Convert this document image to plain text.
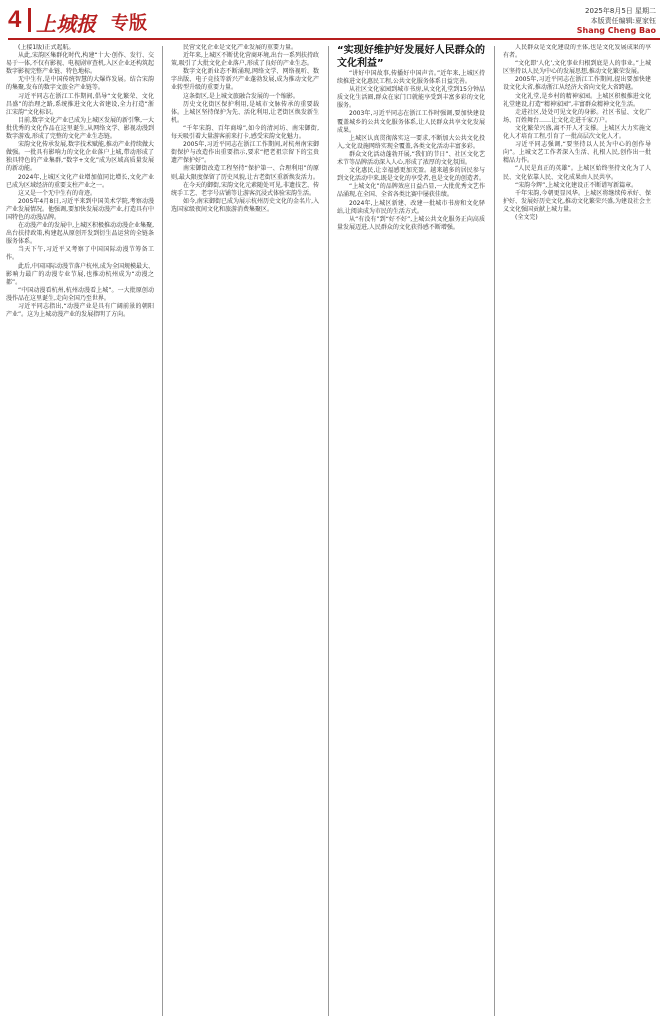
4 上城报 专版
2025年8月5日 星期二
本版责任编辑:夏家钰
Shang Cheng Bao

(上接1版)正式起航。

从此,宋韵区集群化时代,构建“十大·创作、发行、交易于一体,不仅有影视、电视剧审查机,入区企业还构筑起数字影视完整产业链、特色地标。

无中生有,是中国传统智慧的大爆炸发展。结合宋韵的集聚,发布的数字文旅全产业链等。

习近平同志在浙江工作期间,倡导“文化繁荣、文化昌盛”的治理之路,系统推进文化大省建设,全力打造“浙江宋韵”文化标识。

目前,数字文化产业已成为上城区发展的新引擎,一大批优秀的文化作品在这里诞生,从网络文学、影视动漫到数字游戏,形成了完整的文化产业生态链。

宋韵文化传承发展,数字技术赋能,推动产业持续做大做强。一批具有影响力的文化企业落户上城,带动形成了独具特色的产业集群,“数字+文化”成为区域高质量发展的新动能。

2024年,上城区文化产业增加值同比增长,文化产业已成为区域经济的重要支柱产业之一。

这又是一个无中生有的奇迹。

2005年4月8日,习近平来到中国美术学院,考察动漫产业发展情况。他强调,要加快发展动漫产业,打造具有中国特色的动漫品牌。

在动漫产业的发展中,上城区积极推动动漫企业集聚,出台扶持政策,构建起从原创开发到衍生品运营的全链条服务体系。

当天下午,习近平又考察了中国国际动漫节筹备工作。

此后,中国国际动漫节落户杭州,成为全国规模最大、影响力最广的动漫专业节展,也推动杭州成为“动漫之都”。

“中国动漫看杭州,杭州动漫看上城”。一大批原创动漫作品在这里诞生,走向全国乃至世界。

习近平同志指出,“动漫产业是具有广阔前景的朝阳产业”。这为上城动漫产业的发展指明了方向。

民营文化企业是文化产业发展的重要力量。

近年来,上城区不断优化营商环境,出台一系列扶持政策,吸引了大批文化企业落户,形成了良好的产业生态。

数字文化新业态不断涌现,网络文学、网络视听、数字出版、电子竞技等新兴产业蓬勃发展,成为推动文化产业转型升级的重要力量。

这条街区,是上城文旅融合发展的一个缩影。

历史文化街区保护利用,是城市文脉传承的重要载体。上城区坚持保护为先、活化利用,让老街区焕发新生机。

“千年宋韵、百年商埠”,如今的清河坊、南宋御街,每天吸引着大量游客前来打卡,感受宋韵文化魅力。

2005年,习近平同志在浙江工作期间,对杭州南宋御街保护与改造作出重要指示,要求“把老祖宗留下的宝贵遗产保护好”。

南宋御街改造工程坚持“保护第一、合理利用”的原则,最大限度保留了历史风貌,让古老街区重新焕发活力。

在今天的御街,宋韵文化元素随处可见,非遗技艺、传统手工艺、老字号店铺等让游客沉浸式体验宋韵生活。

如今,南宋御街已成为展示杭州历史文化的金名片,入选国家级夜间文化和旅游消费集聚区。

“实现好维护好发展好人民群众的文化利益”

“讲好中国故事,传播好中国声音。”近年来,上城区持续推进文化惠民工程,公共文化服务体系日益完善。

从社区文化家园到城市书房,从文化礼堂到15分钟品质文化生活圈,群众在家门口就能享受到丰富多彩的文化服务。

2003年,习近平同志在浙江工作时强调,要加快建设覆盖城乡的公共文化服务体系,让人民群众共享文化发展成果。

上城区认真贯彻落实这一要求,不断加大公共文化投入,文化设施网络实现全覆盖,各类文化活动丰富多彩。

群众文化活动蓬勃开展,“我们的节日”、社区文化艺术节等品牌活动深入人心,形成了浓厚的文化氛围。

文化惠民,让幸福感更加充盈。越来越多的居民参与到文化活动中来,既是文化的享受者,也是文化的创造者。

“上城文化”的品牌效应日益凸显,一大批优秀文艺作品涌现,在全国、全省各类比赛中屡获佳绩。

2024年,上城区新建、改建一批城市书房和文化驿站,让阅读成为市民的生活方式。

从“有没有”到“好不好”,上城公共文化服务正向高质量发展迈进,人民群众的文化获得感不断增强。

人民群众是文化建设的主体,也是文化发展成果的享有者。

“文化即‘人化’,文化事业归根到底是人的事业。”上城区坚持以人民为中心的发展思想,推动文化繁荣发展。

2005年,习近平同志在浙江工作期间,提出要加快建设文化大省,推动浙江从经济大省向文化大省跨越。

文化礼堂,是乡村的精神家园。上城区积极推进文化礼堂建设,打造“精神家园”,丰富群众精神文化生活。

走进社区,处处可见文化的身影。社区书屋、文化广场、百姓舞台……让文化走进千家万户。

文化繁荣兴盛,离不开人才支撑。上城区大力实施文化人才培育工程,引育了一批高层次文化人才。

习近平同志强调,“要坚持以人民为中心的创作导向”。上城文艺工作者深入生活、扎根人民,创作出一批精品力作。

“人民是真正的英雄”。上城区始终坚持文化为了人民、文化依靠人民、文化成果由人民共享。

“宋韵今辉”,上城文化建设正不断谱写新篇章。

千年宋韵,今朝更显风华。上城区将继续传承好、保护好、发展好历史文化,推动文化繁荣兴盛,为建设社会主义文化强国贡献上城力量。

(全文完)
